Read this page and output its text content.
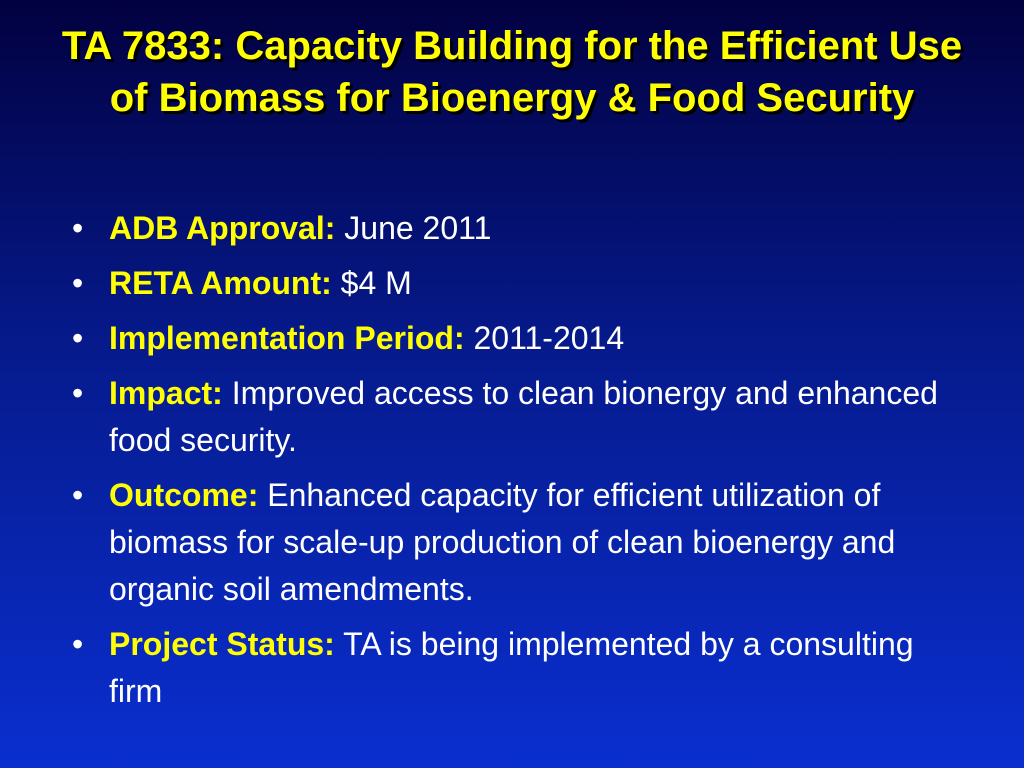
TA 7833: Capacity Building for the Efficient Use of Biomass for Bioenergy & Food Security
• ADB Approval: June 2011
• RETA Amount: $4 M
• Implementation Period: 2011-2014
• Impact: Improved access to clean bionergy and enhanced food security.
• Outcome: Enhanced capacity for efficient utilization of biomass for scale-up production of clean bioenergy and organic soil amendments.
• Project Status: TA is being implemented by a consulting firm
